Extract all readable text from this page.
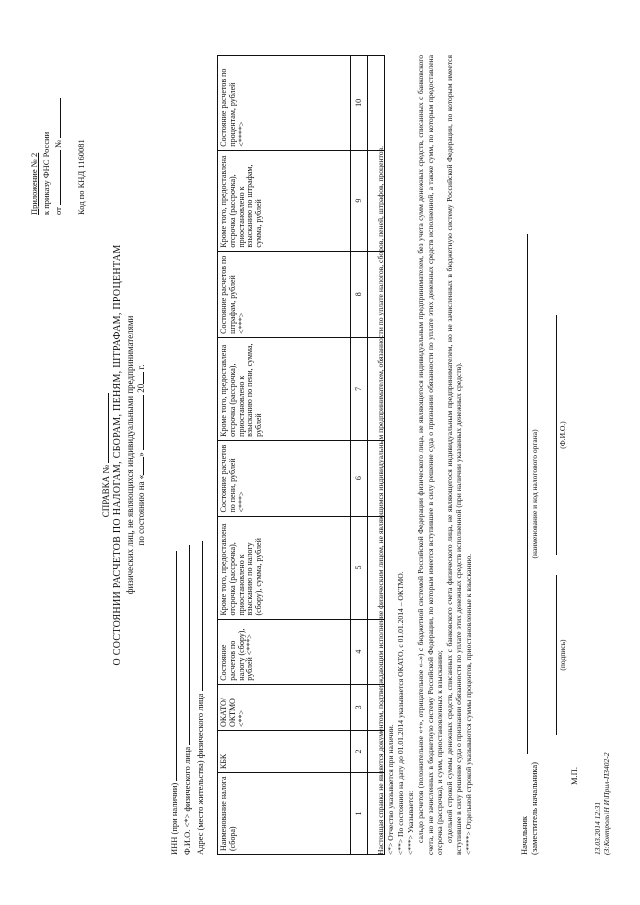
Приложение № 2 к приказу ФНС России от  № Код по КНД 1160081
СПРАВКА № О СОСТОЯНИИ РАСЧЕТОВ ПО НАЛОГАМ, СБОРАМ, ПЕНЯМ, ШТРАФАМ, ПРОЦЕНТАМ физических лиц, не являющихся индивидуальными предпринимателями по состоянию на «»  20 г.
ИНН (при наличии) Ф.И.О. <*> физического лица Адрес (место жительства) физического лица Наименование налога (сбора)	КБК	ОКАТО/ ОКТМО <**>	Состояние расчетов по налогу (сбору), рублей <***>	Кроме того, предоставлена отсрочка (рассрочка), приостановлено к взысканию по налогу (сбору), сумма, рублей	Состояние расчетов по пени, рублей <***>	Кроме того, предоставлена отсрочка (рассрочка), приостановлено к взысканию по пени, сумма, рублей	Состояние расчетов по штрафам, рублей <***>	Кроме того, предоставлена отсрочка (рассрочка), приостановлено к взысканию по штрафам, сумма, рублей	Состояние расчетов по процентам, рублей <****>
1	2	3	4	5	6	7	8	9	10

Настоящая справка не является документом, подтверждающим исполнение физическим лицом, не являющимся индивидуальным предпринимателем, обязанности по уплате налогов, сборов, пеней, штрафов, процентов. <*> Отчество указывается при наличии. <**> По состоянию на дату до 01.01.2014 указывается ОКАТО, с 01.01.2014 – ОКТМО. <***> Указывается: сальдо расчетов (положительное «+», отрицательное «–») с бюджетной системой Российской Федерации физического лица, не являющегося индивидуальным предпринимателем, без учета сумм денежных средств, списанных с банковского счета, но не зачисленных в бюджетную систему Российской Федерации, по которым имеется вступившее в силу решение суда о признании обязанности по уплате этих денежных средств исполненной, а также сумм, по которым предоставлена отсрочка (рассрочка), и сумм, приостановленных к взысканию; отдельной строкой суммы денежных средств, списанных с банковского счета физического лица, не являющегося индивидуальным предпринимателем, но не зачисленных в бюджетную систему Российской Федерации, по которым имеется вступившее в силу решение суда о признании обязанности по уплате этих денежных средств исполненной (при наличии указанных денежных средств). <****> Отдельной строкой указываются суммы процентов, приостановленные к взысканию.	Начальник (заместитель начальника)
(наименование и код налогового органа)
(подпись)
(Ф.И.О.)
М.П.
13.03.2014 12:31 (З:Контроль\Н И\Прил-П3402-2
